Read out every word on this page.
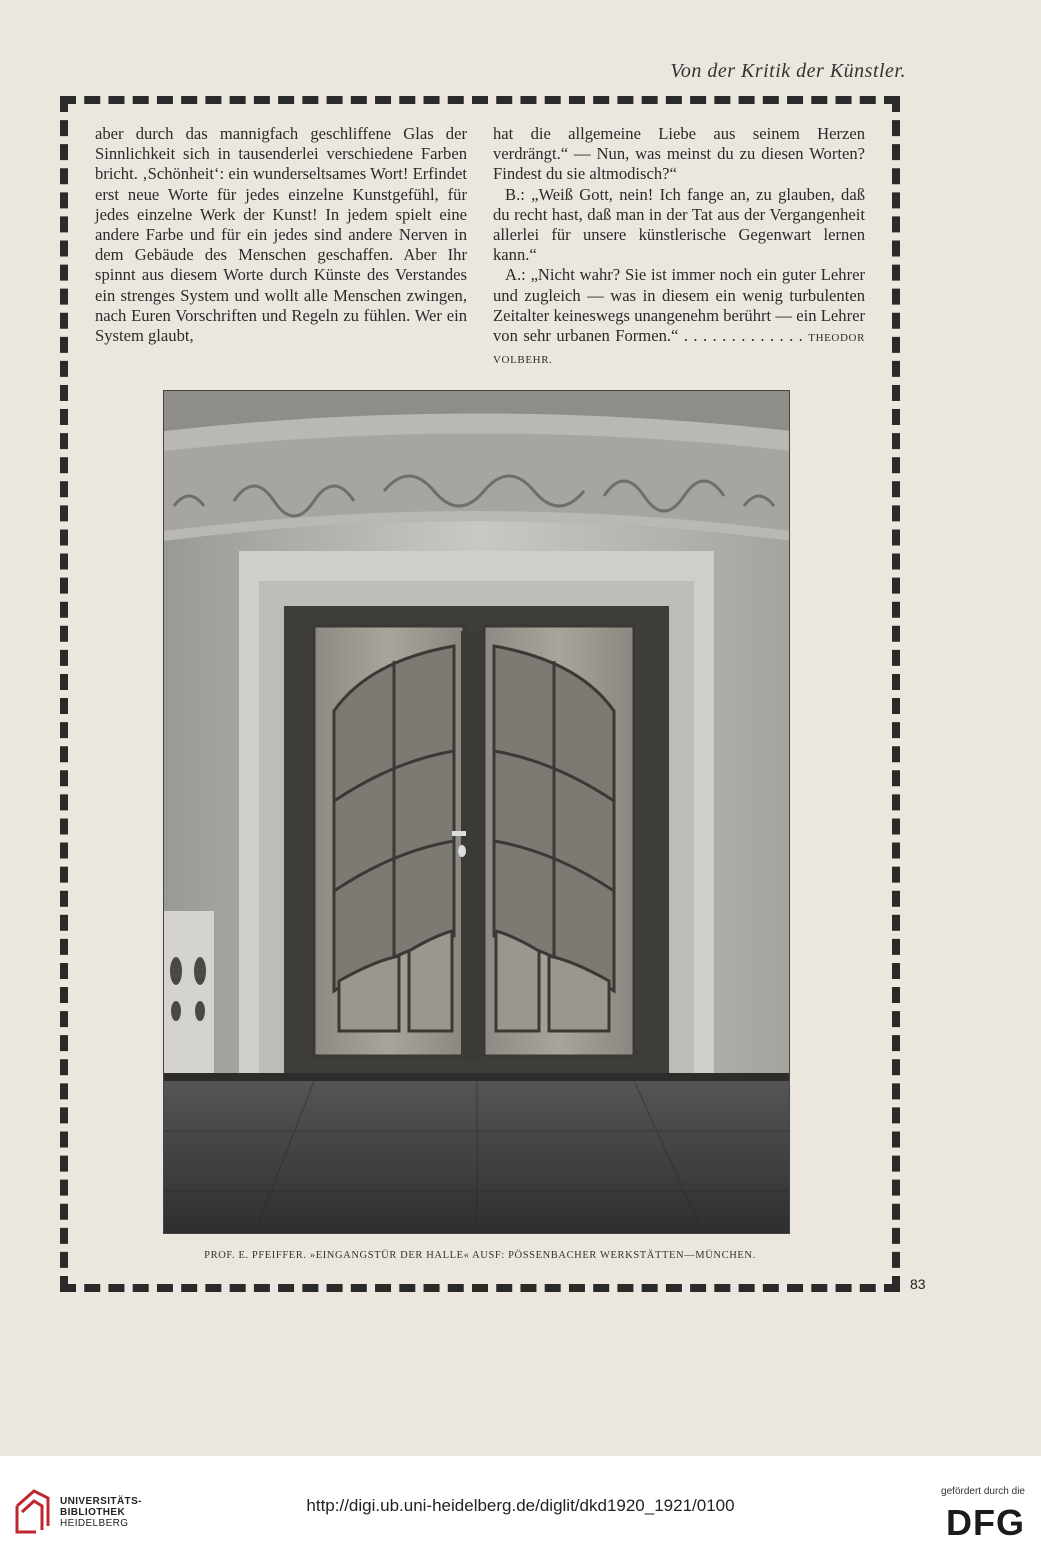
Von der Kritik der Künstler.

aber durch das mannigfach geschliffene Glas der Sinnlichkeit sich in tausenderlei verschiedene Farben bricht. ‚Schönheit‘: ein wunderseltsames Wort! Erfindet erst neue Worte für jedes einzelne Kunstgefühl, für jedes einzelne Werk der Kunst! In jedem spielt eine andere Farbe und für ein jedes sind andere Nerven in dem Gebäude des Menschen geschaffen. Aber Ihr spinnt aus diesem Worte durch Künste des Verstandes ein strenges System und wollt alle Menschen zwingen, nach Euren Vorschriften und Regeln zu fühlen. Wer ein System glaubt,

hat die allgemeine Liebe aus seinem Herzen verdrängt.“ — Nun, was meinst du zu diesen Worten? Findest du sie altmodisch?“

B.: „Weiß Gott, nein! Ich fange an, zu glauben, daß du recht hast, daß man in der Tat aus der Vergangenheit allerlei für unsere künstlerische Gegenwart lernen kann.“

A.: „Nicht wahr? Sie ist immer noch ein guter Lehrer und zugleich — was in diesem ein wenig turbulenten Zeitalter keineswegs unangenehm berührt — ein Lehrer von sehr urbanen Formen.“ . . . . . . . . . . . . . THEODOR VOLBEHR.

PROF. E. PFEIFFER. »EINGANGSTÜR DER HALLE« AUSF: PÖSSENBACHER WERKSTÄTTEN—MÜNCHEN.
83
UNIVERSITÄTS-
BIBLIOTHEK
HEIDELBERG
http://digi.ub.uni-heidelberg.de/diglit/dkd1920_1921/0100
gefördert durch die
DFG
